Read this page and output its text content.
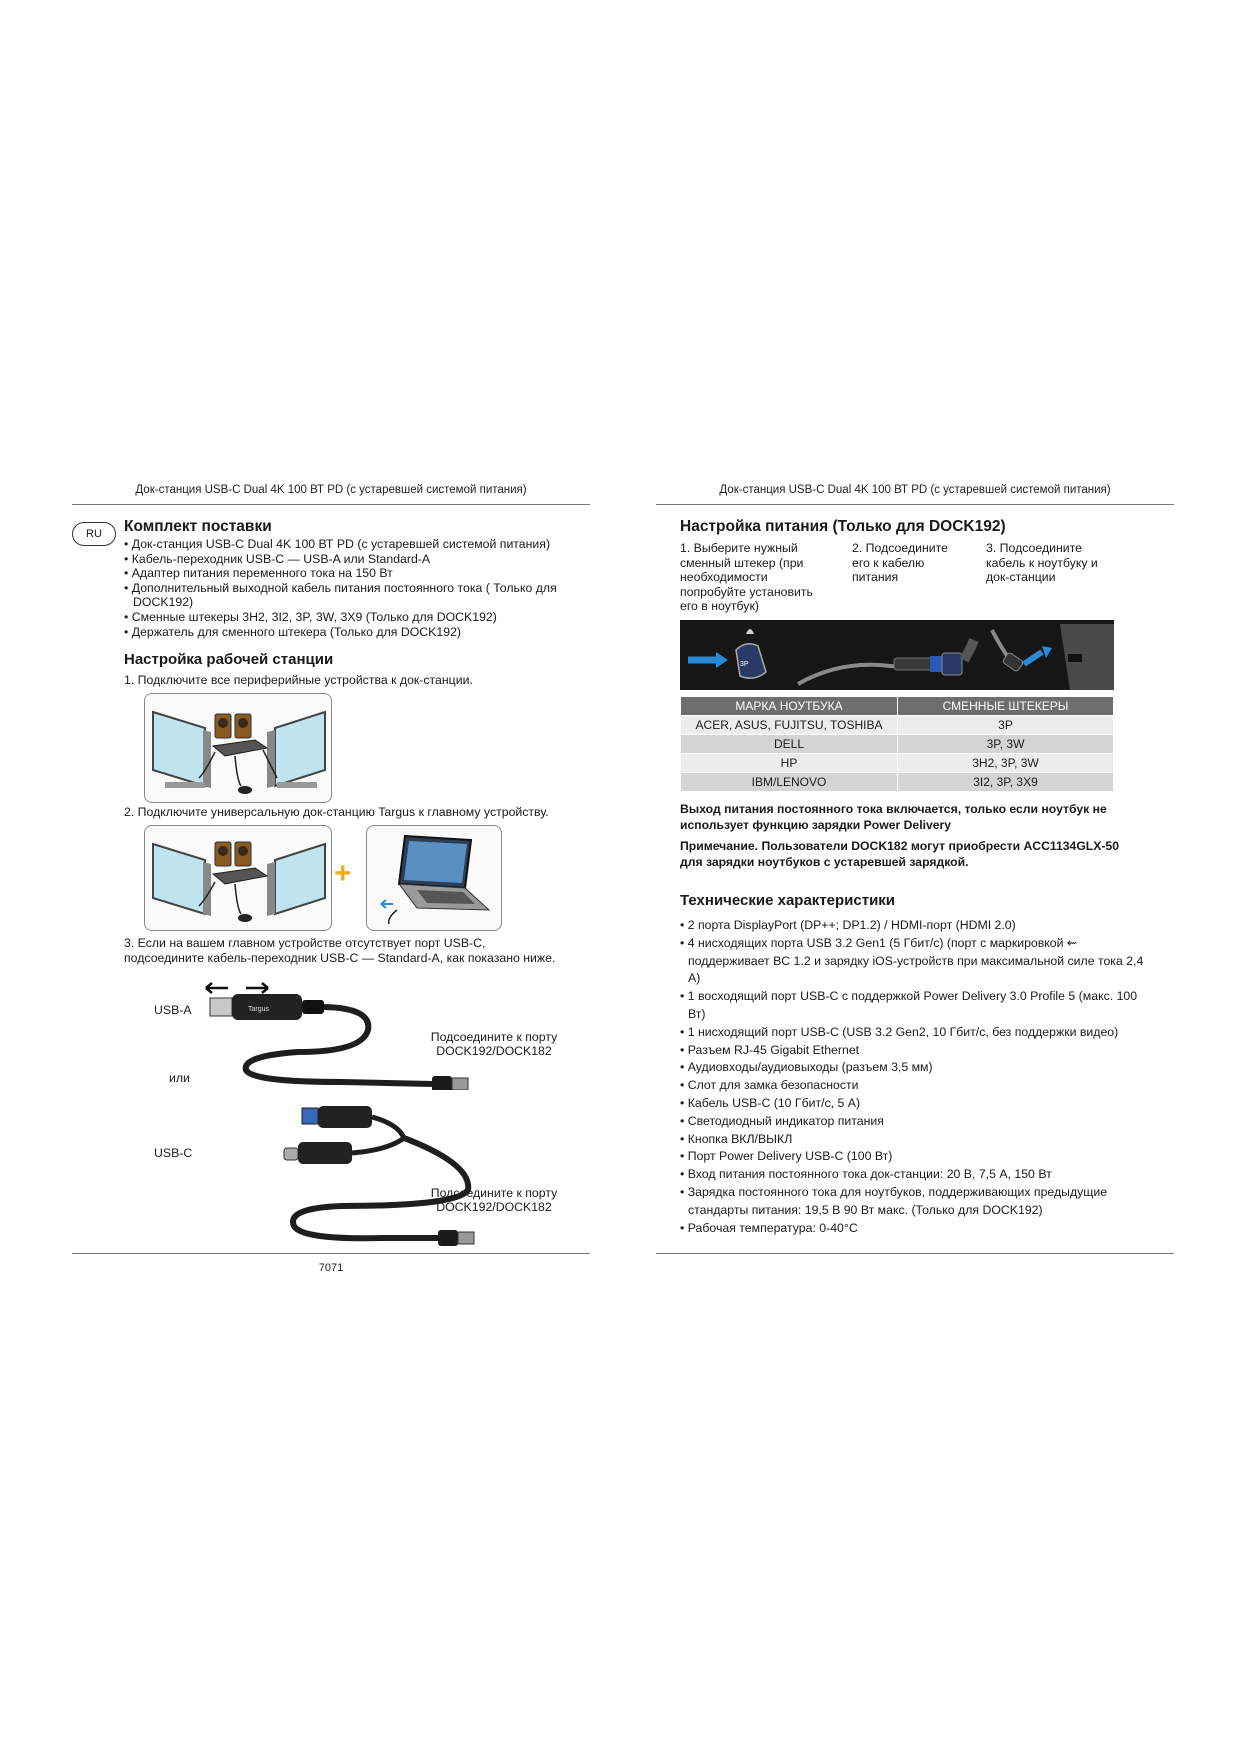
Док-станция USB-C Dual 4K 100 ВТ PD (с устаревшей системой питания)
RU	Комплект поставки
• Док-станция USB-C Dual 4K 100 ВТ PD (с устаревшей системой питания)
• Кабель-переходник USB-C — USB-A или Standard-A
• Адаптер питания переменного тока на 150 Вт
• Дополнительный выходной кабель питания постоянного тока ( Только для DOCK192)
• Сменные штекеры 3H2, 3I2, 3P, 3W, 3X9 (Только для DOCK192)
• Держатель для сменного штекера (Только для DOCK192)
Настройка рабочей станции
1. Подключите все периферийные устройства к док-станции.
2. Подключите универсальную док-станцию Targus к главному устройству.
+
3. Если на вашем главном устройстве отсутствует порт USB-C, подсоедините кабель-переходник USB-C — Standard-A, как показано ниже.
USB-A	Targus
Подсоедините к порту DOCK192/DOCK182
или
USB-C
Подсоедините к порту DOCK192/DOCK182
7071
Док-станция USB-C Dual 4K 100 ВТ PD (с устаревшей системой питания)
Настройка питания (Только для DOCK192)
1. Выберите нужный сменный штекер (при необходимости попробуйте установить его в ноутбук)
2. Подсоедините его к кабелю питания
3. Подсоедините кабель к ноутбуку и док-станции
3P
МАРКА НОУТБУКА	СМЕННЫЕ ШТЕКЕРЫ
ACER, ASUS, FUJITSU, TOSHIBA	3P
DELL	3P, 3W
HP	3H2, 3P, 3W
IBM/LENOVO	3I2, 3P, 3X9
Выход питания постоянного тока включается, только если ноутбук не использует функцию зарядки Power Delivery
Примечание. Пользователи DOCK182 могут приобрести ACC1134GLX-50 для зарядки ноутбуков с устаревшей зарядкой.
Технические характеристики
• 2 порта DisplayPort (DP++; DP1.2) / HDMI-порт (HDMI 2.0)
• 4 нисходящих порта USB 3.2 Gen1 (5 Гбит/с) (порт с маркировкой ⇜ поддерживает BC 1.2 и зарядку iOS-устройств при максимальной силе тока 2,4 А)
• 1 восходящий порт USB-C с поддержкой Power Delivery 3.0 Profile 5 (макс. 100 Вт)
• 1 нисходящий порт USB-C (USB 3.2 Gen2, 10 Гбит/с, без поддержки видео)
• Разъем RJ-45 Gigabit Ethernet
• Аудиовходы/аудиовыходы (разъем 3,5 мм)
• Слот для замка безопасности
• Кабель USB-C (10 Гбит/с, 5 А)
• Светодиодный индикатор питания
• Кнопка ВКЛ/ВЫКЛ
• Порт Power Delivery USB-C (100 Вт)
• Вход питания постоянного тока док-станции: 20 В, 7,5 А, 150 Вт
• Зарядка постоянного тока для ноутбуков, поддерживающих предыдущие стандарты питания: 19,5 В 90 Вт макс. (Только для DOCK192)
• Рабочая температура: 0-40°C
